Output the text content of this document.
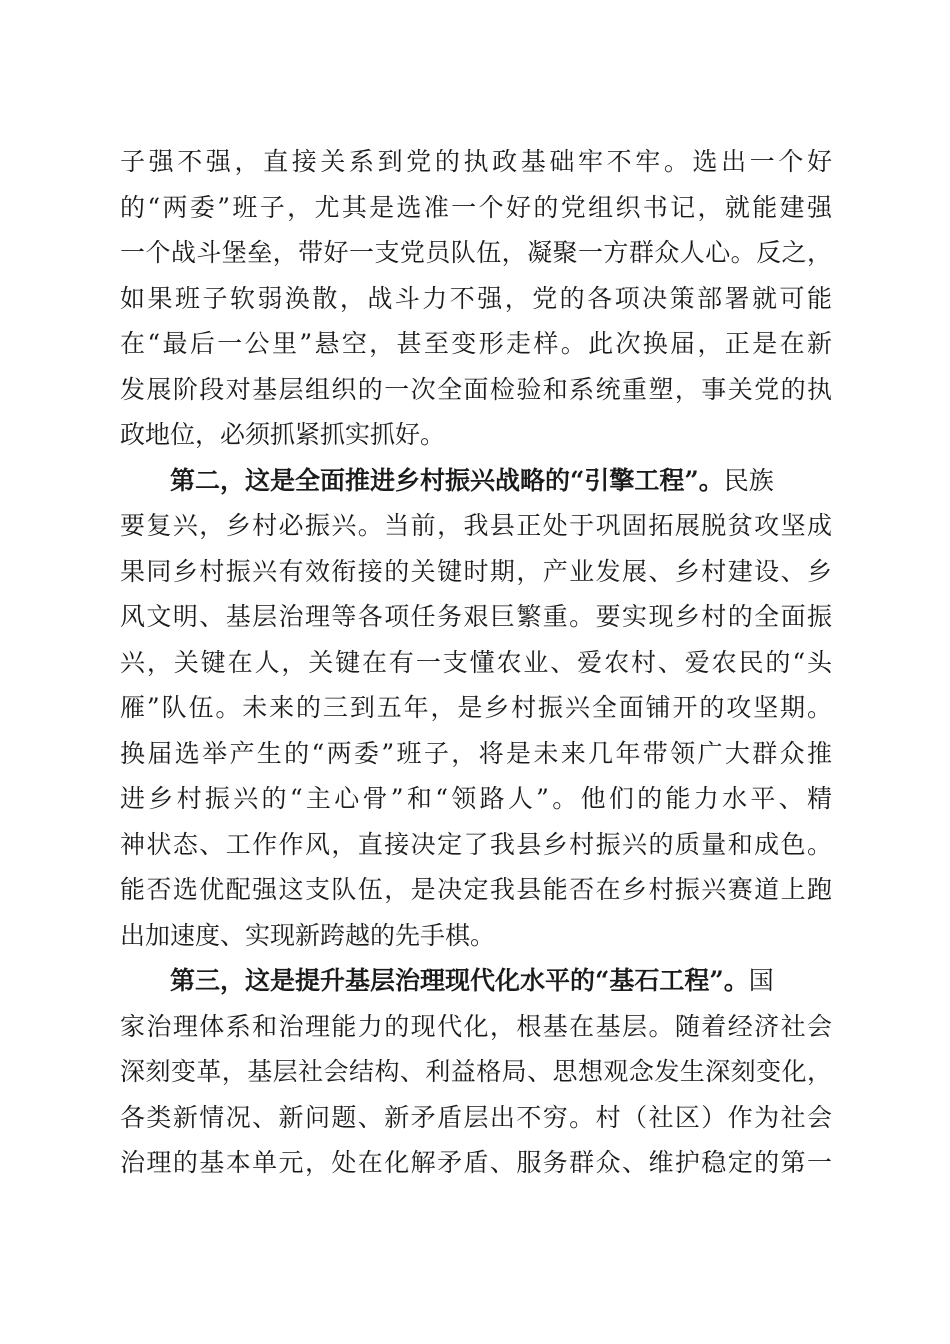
子强不强，直接关系到党的执政基础牢不牢。选出一个好
的“两委”班子，尤其是选准一个好的党组织书记，就能建强
一个战斗堡垒，带好一支党员队伍，凝聚一方群众人心。反之，
如果班子软弱涣散，战斗力不强，党的各项决策部署就可能
在“最后一公里”悬空，甚至变形走样。此次换届，正是在新
发展阶段对基层组织的一次全面检验和系统重塑，事关党的执
政地位，必须抓紧抓实抓好。
第二，这是全面推进乡村振兴战略的“引擎工程”。民族
要复兴，乡村必振兴。当前，我县正处于巩固拓展脱贫攻坚成
果同乡村振兴有效衔接的关键时期，产业发展、乡村建设、乡
风文明、基层治理等各项任务艰巨繁重。要实现乡村的全面振
兴，关键在人，关键在有一支懂农业、爱农村、爱农民的“头
雁”队伍。未来的三到五年，是乡村振兴全面铺开的攻坚期。
换届选举产生的“两委”班子，将是未来几年带领广大群众推
进乡村振兴的“主心骨”和“领路人”。他们的能力水平、精
神状态、工作作风，直接决定了我县乡村振兴的质量和成色。
能否选优配强这支队伍，是决定我县能否在乡村振兴赛道上跑
出加速度、实现新跨越的先手棋。
第三，这是提升基层治理现代化水平的“基石工程”。国
家治理体系和治理能力的现代化，根基在基层。随着经济社会
深刻变革，基层社会结构、利益格局、思想观念发生深刻变化，
各类新情况、新问题、新矛盾层出不穷。村（社区）作为社会
治理的基本单元，处在化解矛盾、服务群众、维护稳定的第一
